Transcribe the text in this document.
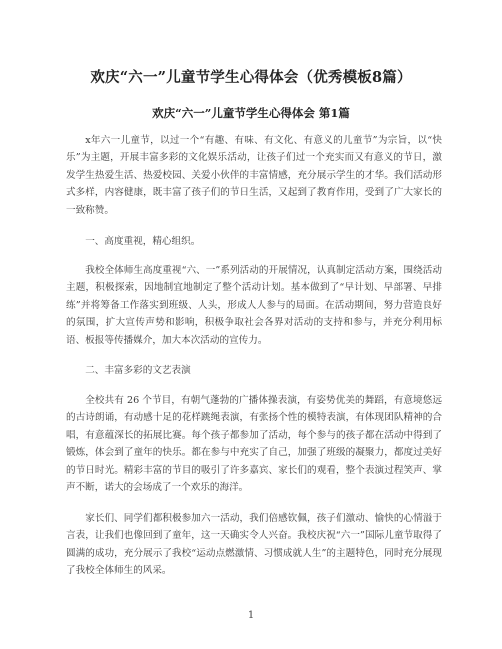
欢庆“六一”儿童节学生心得体会（优秀模板8篇）
欢庆“六一”儿童节学生心得体会 第1篇

x年六一儿童节，以过一个“有趣、有味、有文化、有意义的儿童节”为宗旨，以“快乐”为主题，开展丰富多彩的文化娱乐活动，让孩子们过一个充实而又有意义的节日，激发学生热爱生活、热爱校园、关爱小伙伴的丰富情感，充分展示学生的才华。我们活动形式多样，内容健康，既丰富了孩子们的节日生活，又起到了教育作用，受到了广大家长的一致称赞。

一、高度重视，精心组织。

我校全体师生高度重视“六、一”系列活动的开展情况，认真制定活动方案，围绕活动主题，积极探索，因地制宜地制定了整个活动计划。基本做到了“早计划、早部署、早排练”并将筹备工作落实到班级、人头，形成人人参与的局面。在活动期间，努力营造良好的氛围，扩大宣传声势和影响，积极争取社会各界对活动的支持和参与，并充分利用标语、板报等传播媒介，加大本次活动的宣传力。

二、丰富多彩的文艺表演

全校共有 26 个节目，有朝气蓬勃的广播体操表演，有姿势优美的舞蹈，有意境悠远的古诗朗诵，有动感十足的花样跳绳表演，有张扬个性的模特表演，有体现团队精神的合唱，有意蕴深长的拓展比赛。每个孩子都参加了活动，每个参与的孩子都在活动中得到了锻炼，体会到了童年的快乐。都在参与中充实了自己，加强了班级的凝聚力，都度过美好的节日时光。精彩丰富的节目的吸引了许多嘉宾、家长们的观看，整个表演过程笑声、掌声不断，诺大的会场成了一个欢乐的海洋。

家长们、同学们都积极参加六一活动，我们倍感钦佩，孩子们激动、愉快的心情溢于言表，让我们也像回到了童年，这一天确实令人兴奋。我校庆祝“六一”国际儿童节取得了圆满的成功，充分展示了我校“运动点燃激情、习惯成就人生”的主题特色，同时充分展现了我校全体师生的风采。

1
